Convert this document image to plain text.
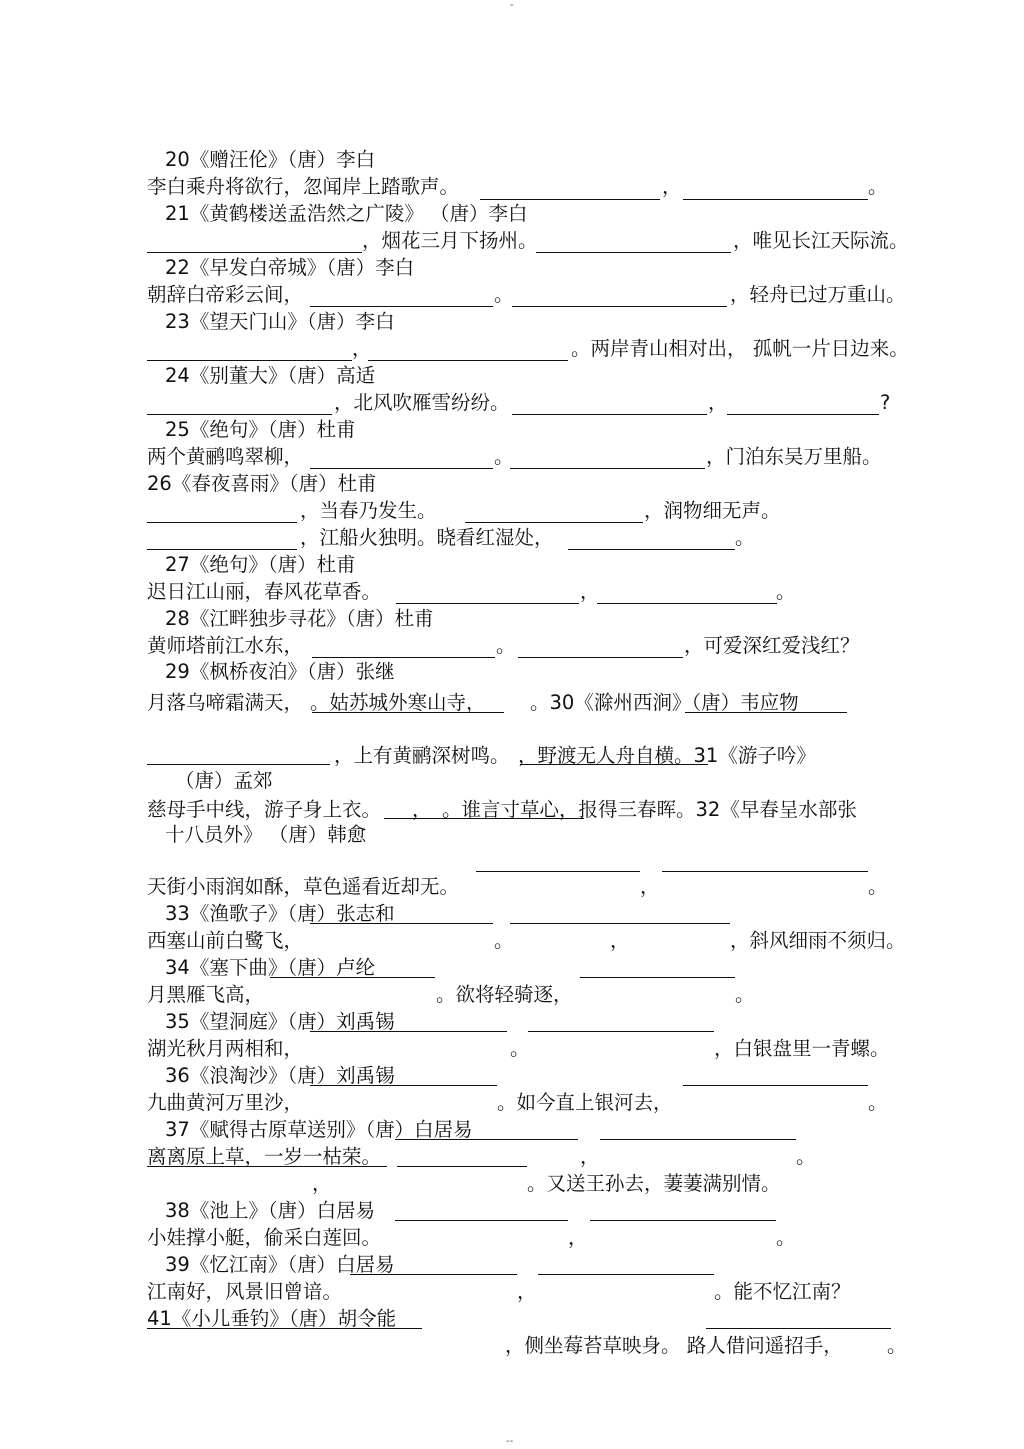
-
20《赠汪伦》（唐）李白
李白乘舟将欲行，忽闻岸上踏歌声。	，	。
21《黄鹤楼送孟浩然之广陵》 （唐）李白
，烟花三月下扬州。	，唯见长江天际流。
22《早发白帝城》（唐）李白
朝辞白帝彩云间，	。	，轻舟已过万重山。
23《望天门山》（唐）李白
，	。两岸青山相对出， 孤帆一片日边来。
24《别董大》（唐）高适
，北风吹雁雪纷纷。	，	?
25《绝句》（唐）杜甫
两个黄鹂鸣翠柳，	。	，门泊东吴万里船。
26《春夜喜雨》（唐）杜甫
，当春乃发生。	，润物细无声。
，江船火独明。晓看红湿处，	。
27《绝句》（唐）杜甫
迟日江山丽，春风花草香。	，	。
28《江畔独步寻花》（唐）杜甫
黄师塔前江水东，	。	，可爱深红爱浅红？
29《枫桥夜泊》（唐）张继
月落乌啼霜满天， 。姑苏城外寒山寺， 。30《滁州西涧》（唐）韦应物
，上有黄鹂深树鸣。 ，野渡无人舟自横。31《游子吟》
（唐）孟郊
慈母手中线，游子身上衣。 ， 。谁言寸草心，报得三春晖。32《早春呈水部张
十八员外》 （唐）韩愈
天街小雨润如酥，草色遥看近却无。	，	。
33《渔歌子》（唐）张志和
西塞山前白鹭飞，	。	，	，斜风细雨不须归。
34《塞下曲》（唐）卢纶
月黑雁飞高，	。欲将轻骑逐，	。
35《望洞庭》（唐）刘禹锡
湖光秋月两相和，	。	，白银盘里一青螺。
36《浪淘沙》（唐）刘禹锡
九曲黄河万里沙，	。如今直上银河去，	。
37《赋得古原草送别》（唐）白居易
离离原上草，一岁一枯荣。	，	。
，	。又送王孙去，萋萋满别情。
38《池上》（唐）白居易
小娃撑小艇，偷采白莲回。	，	。
39《忆江南》（唐）白居易
江南好，风景旧曾谙。	，	。能不忆江南？
41《小儿垂钓》（唐）胡令能
，侧坐莓苔草映身。 路人借问遥招手， 。
--
